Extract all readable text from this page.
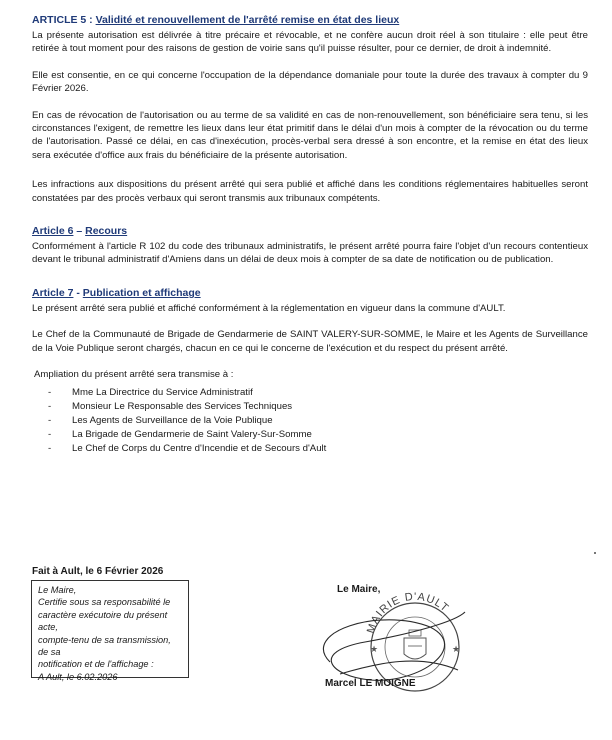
ARTICLE 5 : Validité et renouvellement de l'arrêté remise en état des lieux

La présente autorisation est délivrée à titre précaire et révocable, et ne confère aucun droit réel à son titulaire : elle peut être retirée à tout moment pour des raisons de gestion de voirie sans qu'il puisse résulter, pour ce dernier, de droit à indemnité.

Elle est consentie, en ce qui concerne l'occupation de la dépendance domaniale pour toute la durée des travaux à compter du 9 Février 2026.

En cas de révocation de l'autorisation ou au terme de sa validité en cas de non-renouvellement, son bénéficiaire sera tenu, si les circonstances l'exigent, de remettre les lieux dans leur état primitif dans le délai d'un mois à compter de la révocation ou du terme de l'autorisation. Passé ce délai, en cas d'inexécution, procès-verbal sera dressé à son encontre, et la remise en état des lieux sera exécutée d'office aux frais du bénéficiaire de la présente autorisation.

Les infractions aux dispositions du présent arrêté qui sera publié et affiché dans les conditions réglementaires habituelles seront constatées par des procès verbaux qui seront transmis aux tribunaux compétents.

Article 6 – Recours

Conformément à l'article R 102 du code des tribunaux administratifs, le présent arrêté pourra faire l'objet d'un recours contentieux devant le tribunal administratif d'Amiens dans un délai de deux mois à compter de sa date de notification ou de publication.

Article 7 - Publication et affichage

Le présent arrêté sera publié et affiché conformément à la réglementation en vigueur dans la commune d'AULT.

Le Chef de la Communauté de Brigade de Gendarmerie de SAINT VALERY-SUR-SOMME, le Maire et les Agents de Surveillance de la Voie Publique seront chargés, chacun en ce qui le concerne de l'exécution et du respect du présent arrêté.

Ampliation du présent arrêté sera transmise à :

- Mme La Directrice du Service Administratif
- Monsieur Le Responsable des Services Techniques
- Les Agents de Surveillance de la Voie Publique
- La Brigade de Gendarmerie de Saint Valery-Sur-Somme
- Le Chef de Corps du Centre d'Incendie et de Secours d'Ault
Fait à Ault, le 6 Février 2026
Le Maire,
Certifie sous sa responsabilité le
caractère exécutoire du présent acte,
compte-tenu de sa transmission, de sa
notification et de l'affichage :
A Ault, le 6.02.2026
Le Maire,
MAIRIE D'AULT
★	★
Marcel LE MOIGNE
